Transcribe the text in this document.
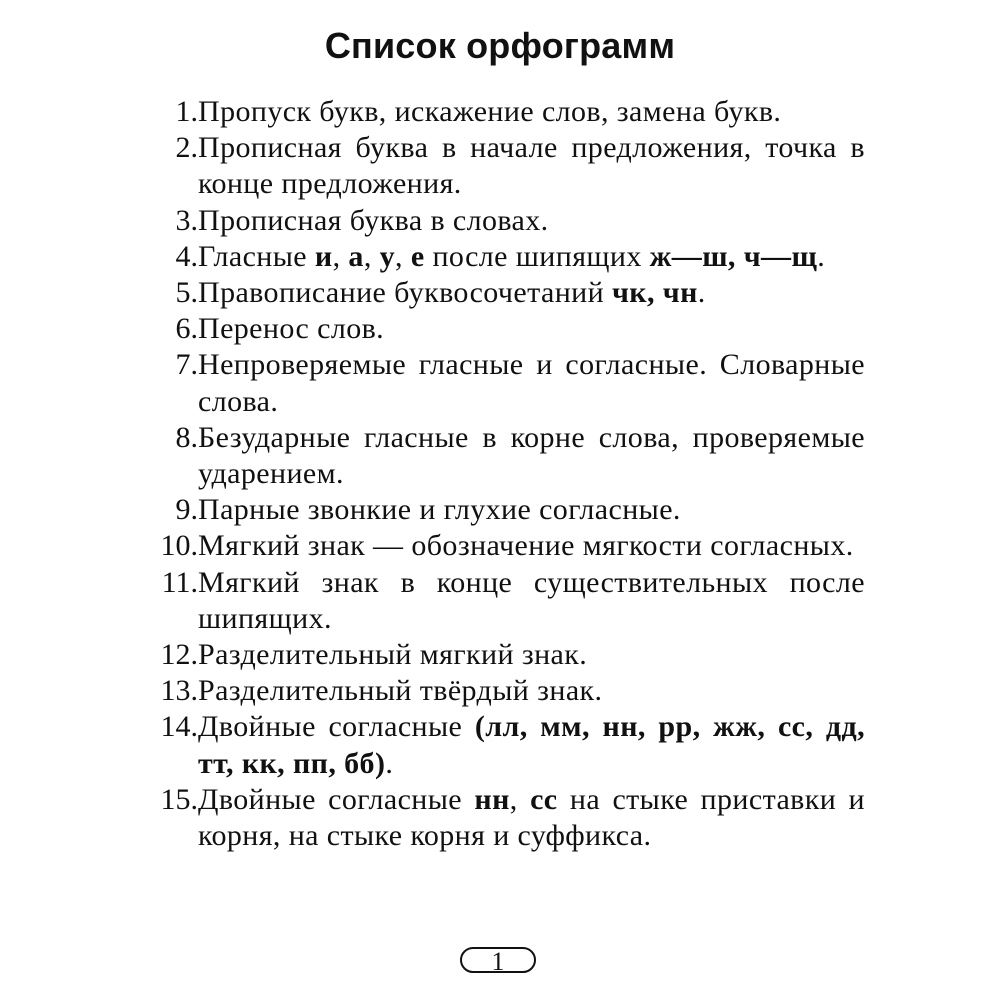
Список орфограмм
1. Пропуск букв, искажение слов, замена букв.
2. Прописная буква в начале предложения, точка в конце предложения.
3. Прописная буква в словах.
4. Гласные и, а, у, е после шипящих ж—ш, ч—щ.
5. Правописание буквосочетаний чк, чн.
6. Перенос слов.
7. Непроверяемые гласные и согласные. Словарные слова.
8. Безударные гласные в корне слова, проверяемые ударением.
9. Парные звонкие и глухие согласные.
10. Мягкий знак — обозначение мягкости согласных.
11. Мягкий знак в конце существительных после шипящих.
12. Разделительный мягкий знак.
13. Разделительный твёрдый знак.
14. Двойные согласные (лл, мм, нн, рр, жж, сс, дд, тт, кк, пп, бб).
15. Двойные согласные нн, сс на стыке приставки и корня, на стыке корня и суффикса.
1
